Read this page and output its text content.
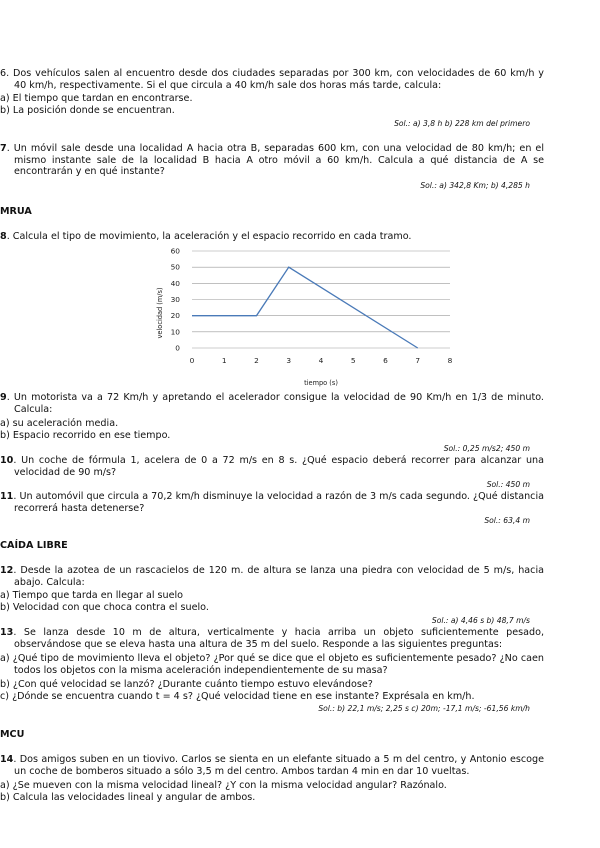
6. Dos vehículos salen al encuentro desde dos ciudades separadas por 300 km, con velocidades de 60 km/h y 40 km/h, respectivamente. Si el que circula a 40 km/h sale dos horas más tarde, calcula:
a) El tiempo que tardan en encontrarse.
b) La posición donde se encuentran.
Sol.: a) 3,8 h b) 228 km del primero
7. Un móvil sale desde una localidad A hacia otra B, separadas 600 km, con una velocidad de 80 km/h; en el mismo instante sale de la localidad B hacia A otro móvil a 60 km/h. Calcula a qué distancia de A se encontrarán y en qué instante?
Sol.: a) 342,8 Km; b) 4,285 h
MRUA
8. Calcula el tipo de movimiento, la aceleración y el espacio recorrido en cada tramo.
0
10
20
30
40
50
60
0	1	2	3	4	5	6	7	8
velocidad (m/s)
tiempo (s)
9. Un motorista va a 72 Km/h y apretando el acelerador consigue la velocidad de 90 Km/h en 1/3 de minuto. Calcula:
a) su aceleración media.
b) Espacio recorrido en ese tiempo.
Sol.: 0,25 m/s2; 450 m
10. Un coche de fórmula 1, acelera de 0 a 72 m/s en 8 s. ¿Qué espacio deberá recorrer para alcanzar una velocidad de 90 m/s?
Sol.: 450 m
11. Un automóvil que circula a 70,2 km/h disminuye la velocidad a razón de 3 m/s cada segundo. ¿Qué distancia recorrerá hasta detenerse?
Sol.: 63,4 m
CAÍDA LIBRE
12. Desde la azotea de un rascacielos de 120 m. de altura se lanza una piedra con velocidad de 5 m/s, hacia abajo. Calcula:
a) Tiempo que tarda en llegar al suelo
b) Velocidad con que choca contra el suelo.
Sol.: a) 4,46 s b) 48,7 m/s
13. Se lanza desde 10 m de altura, verticalmente y hacia arriba un objeto suficientemente pesado, observándose que se eleva hasta una altura de 35 m del suelo. Responde a las siguientes preguntas:
a) ¿Qué tipo de movimiento lleva el objeto? ¿Por qué se dice que el objeto es suficientemente pesado? ¿No caen todos los objetos con la misma aceleración independientemente de su masa?
b) ¿Con qué velocidad se lanzó? ¿Durante cuánto tiempo estuvo elevándose?
c) ¿Dónde se encuentra cuando t = 4 s? ¿Qué velocidad tiene en ese instante? Exprésala en km/h.
Sol.: b) 22,1 m/s; 2,25 s c) 20m; -17,1 m/s; -61,56 km/h
MCU
14. Dos amigos suben en un tiovivo. Carlos se sienta en un elefante situado a 5 m del centro, y Antonio escoge un coche de bomberos situado a sólo 3,5 m del centro. Ambos tardan 4 min en dar 10 vueltas.
a) ¿Se mueven con la misma velocidad lineal? ¿Y con la misma velocidad angular? Razónalo.
b) Calcula las velocidades lineal y angular de ambos.
